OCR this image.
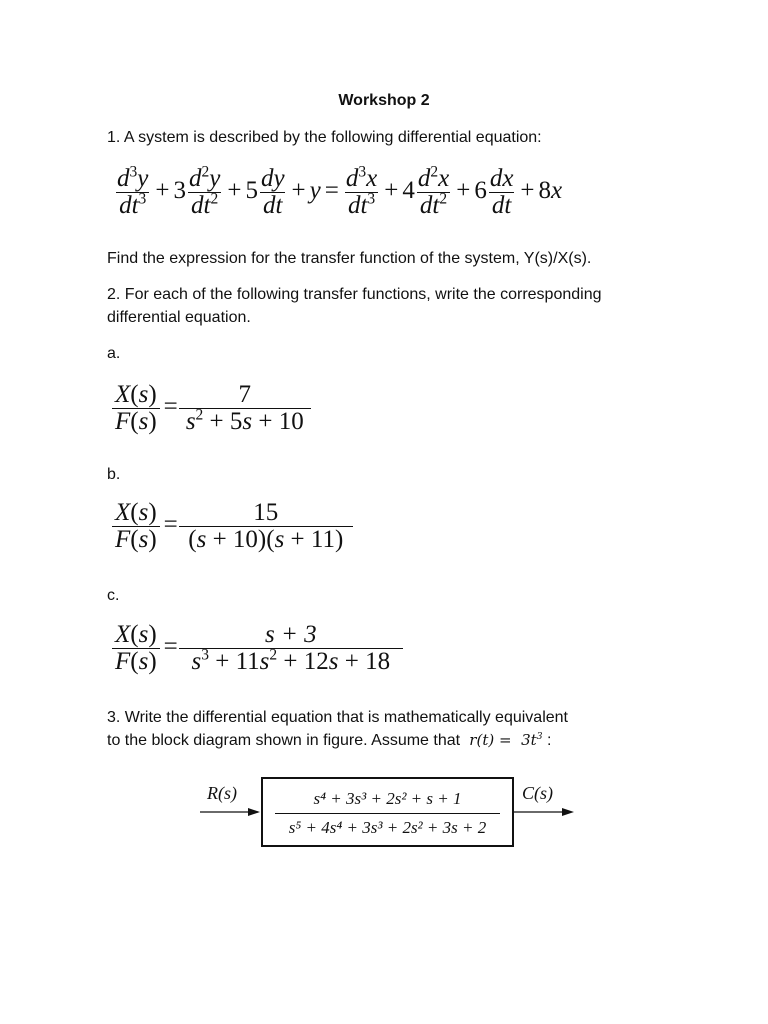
Workshop 2
1. A system is described by the following differential equation:
$\frac{d^3y}{dt^3} + 3 \frac{d^2y}{dt^2} + 5 \frac{dy}{dt} + y = \frac{d^3x}{dt^3} + 4 \frac{d^2x}{dt^2} + 6 \frac{dx}{dt} + 8x$
Find the expression for the transfer function of the system, Y(s)/X(s).
2. For each of the following transfer functions, write the corresponding
differential equation.
a.
$\frac{X(s)}{F(s)} = \frac{7}{s^2 + 5s + 10}$
b.
$\frac{X(s)}{F(s)} = \frac{15}{(s + 10)(s + 11)}$
c.
$\frac{X(s)}{F(s)} = \frac{s + 3}{s^3 + 11s^2 + 12s + 18}$
3. Write the differential equation that is mathematically equivalent
to the block diagram shown in figure. Assume that  $r(t) = 3t^3$ :
R(s)	C(s)
s⁴ + 3s³ + 2s² + s + 1
s⁵ + 4s⁴ + 3s³ + 2s² + 3s + 2
